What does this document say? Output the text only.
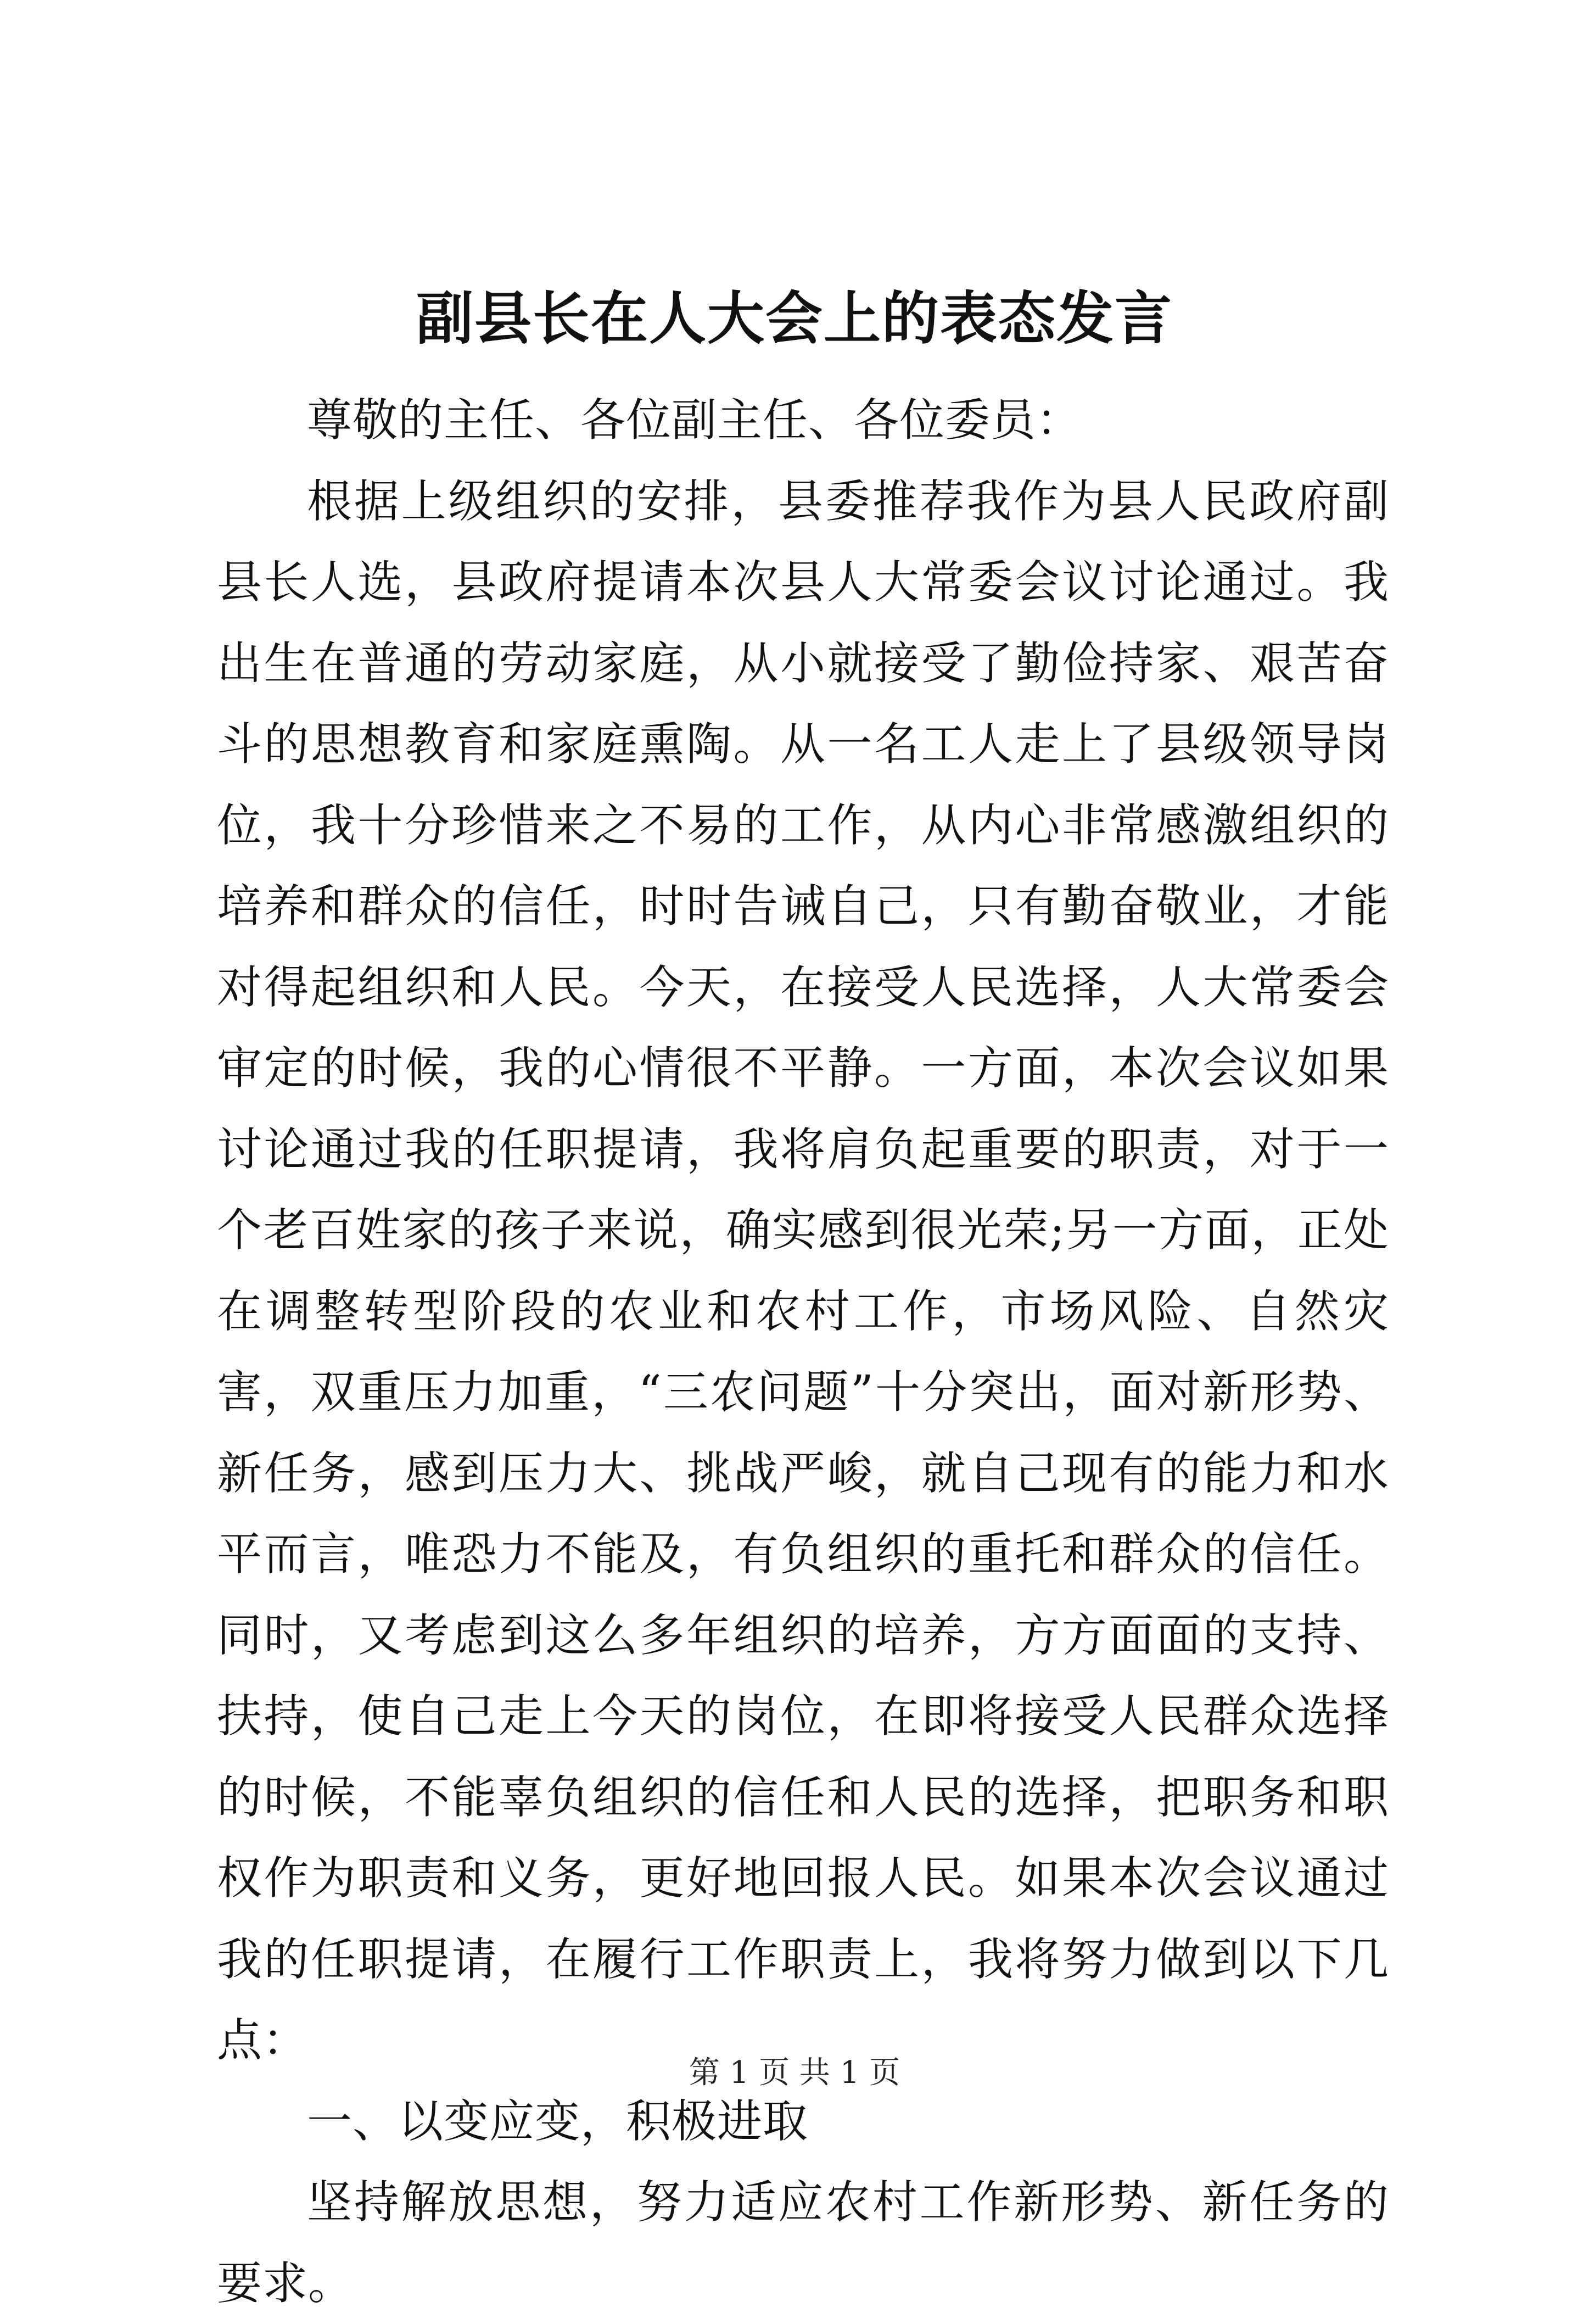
副县长在人大会上的表态发言

尊敬的主任、各位副主任、各位委员：

根据上级组织的安排，县委推荐我作为县人民政府副县长人选，县政府提请本次县人大常委会议讨论通过。我出生在普通的劳动家庭，从小就接受了勤俭持家、艰苦奋斗的思想教育和家庭熏陶。从一名工人走上了县级领导岗位，我十分珍惜来之不易的工作，从内心非常感激组织的培养和群众的信任，时时告诫自己，只有勤奋敬业，才能对得起组织和人民。今天，在接受人民选择，人大常委会审定的时候，我的心情很不平静。一方面，本次会议如果讨论通过我的任职提请，我将肩负起重要的职责，对于一个老百姓家的孩子来说，确实感到很光荣;另一方面，正处在调整转型阶段的农业和农村工作，市场风险、自然灾害，双重压力加重，“三农问题”十分突出，面对新形势、新任务，感到压力大、挑战严峻，就自己现有的能力和水平而言，唯恐力不能及，有负组织的重托和群众的信任。同时，又考虑到这么多年组织的培养，方方面面的支持、扶持，使自己走上今天的岗位，在即将接受人民群众选择的时候，不能辜负组织的信任和人民的选择，把职务和职权作为职责和义务，更好地回报人民。如果本次会议通过我的任职提请，在履行工作职责上，我将努力做到以下几点：

一、以变应变，积极进取

坚持解放思想，努力适应农村工作新形势、新任务的要求。

第 1 页 共 1 页
